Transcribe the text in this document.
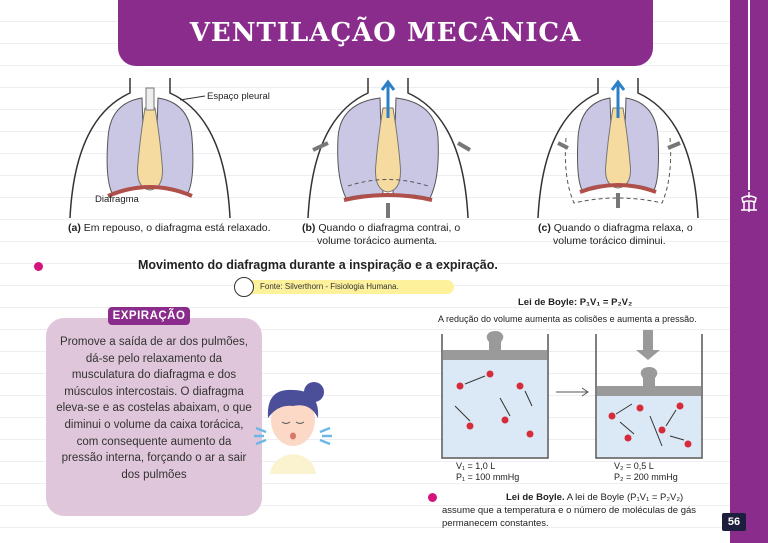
56
VENTILAÇÃO MECÂNICA
Espaço pleural
Diafragma
(a) Em repouso, o diafragma está relaxado.	(b) Quando o diafragma contrai, o
volume torácico aumenta.
(c) Quando o diafragma relaxa, o
volume torácico diminui.
Movimento do diafragma durante a inspiração e a expiração.
Fonte: Silverthorn - Fisiologia Humana.
EXPIRAÇÃO
Promove a saída de ar dos pulmões, dá-se pelo relaxamento da musculatura do diafragma e dos músculos intercostais. O diafragma eleva-se e as costelas abaixam, o que diminui o volume da caixa torácica, com consequente aumento da pressão interna, forçando o ar a sair dos pulmões
Lei de Boyle: P₁V₁ = P₂V₂
A redução do volume aumenta as colisões e aumenta a pressão.
V₁ = 1,0 L
P₁ = 100 mmHg
V₂ = 0,5 L
P₂ = 200 mmHg
Lei de Boyle. A lei de Boyle (P₁V₁ = P₂V₂) assume que a temperatura e o número de moléculas de gás permanecem constantes.
